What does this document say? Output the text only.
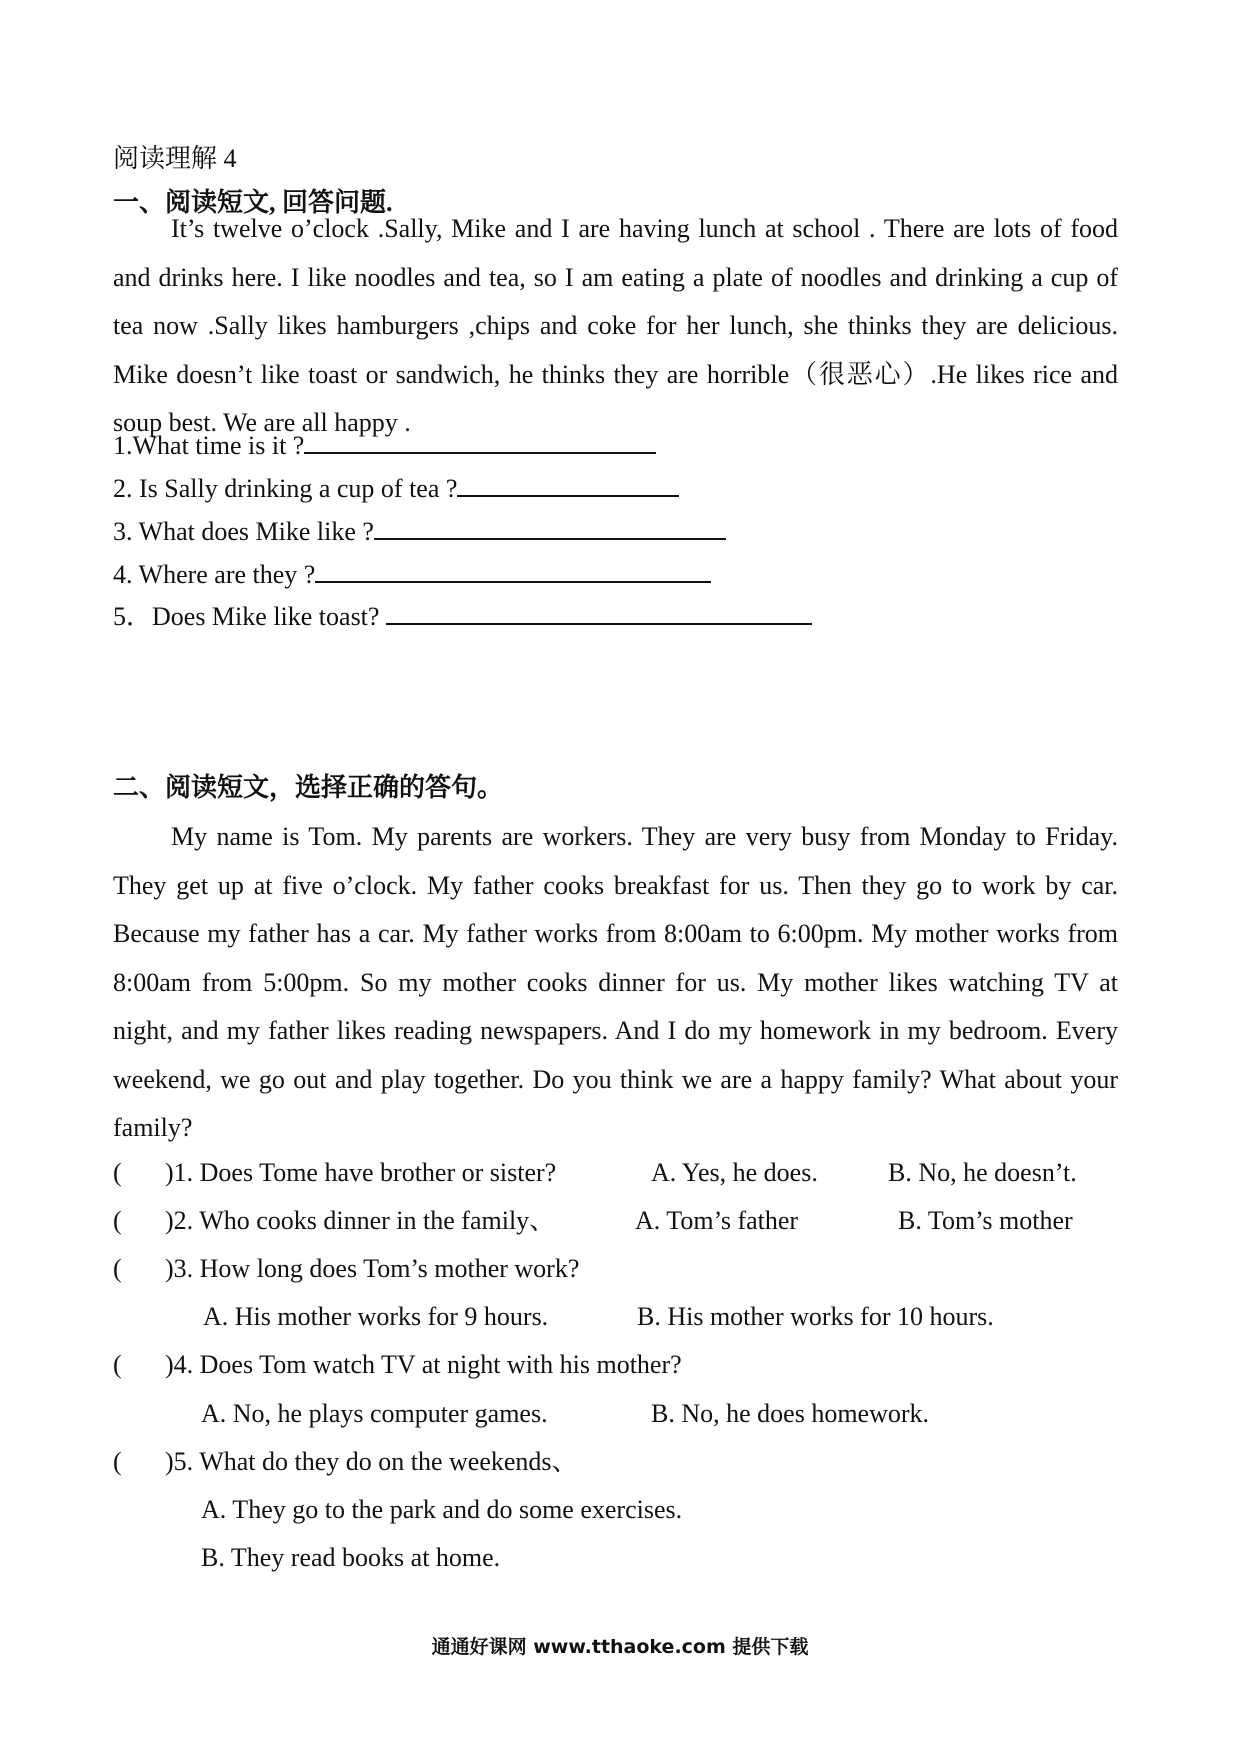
阅读理解 4
一、阅读短文, 回答问题.

It’s twelve o’clock .Sally, Mike and I are having lunch at school . There are lots of food and drinks here. I like noodles and tea, so I am eating a plate of noodles and drinking a cup of tea now .Sally likes hamburgers ,chips and coke for her lunch, she thinks they are delicious. Mike doesn’t like toast or sandwich, he thinks they are horrible（很恶心）.He likes rice and soup best. We are all happy .

1.What time is it ?
2. Is Sally drinking a cup of tea ?
3. What does Mike like ?
4. Where are they ?
5．Does Mike like toast?
二、阅读短文，选择正确的答句。

My name is Tom. My parents are workers. They are very busy from Monday to Friday. They get up at five o’clock. My father cooks breakfast for us. Then they go to work by car. Because my father has a car. My father works from 8:00am to 6:00pm. My mother works from 8:00am from 5:00pm. So my mother cooks dinner for us. My mother likes watching TV at night, and my father likes reading newspapers. And I do my homework in my bedroom. Every weekend, we go out and play together. Do you think we are a happy family? What about your family?

( )1. Does Tome have brother or sister?	A. Yes, he does.	B. No, he doesn’t.
( )2. Who cooks dinner in the family、	A. Tom’s father	B. Tom’s mother
( )3. How long does Tom’s mother work?
A. His mother works for 9 hours.	B. His mother works for 10 hours.
( )4. Does Tom watch TV at night with his mother?
A. No, he plays computer games.	B. No, he does homework.
( )5. What do they do on the weekends、
A. They go to the park and do some exercises.
B. They read books at home.
通通好课网 www.tthaoke.com 提供下载
